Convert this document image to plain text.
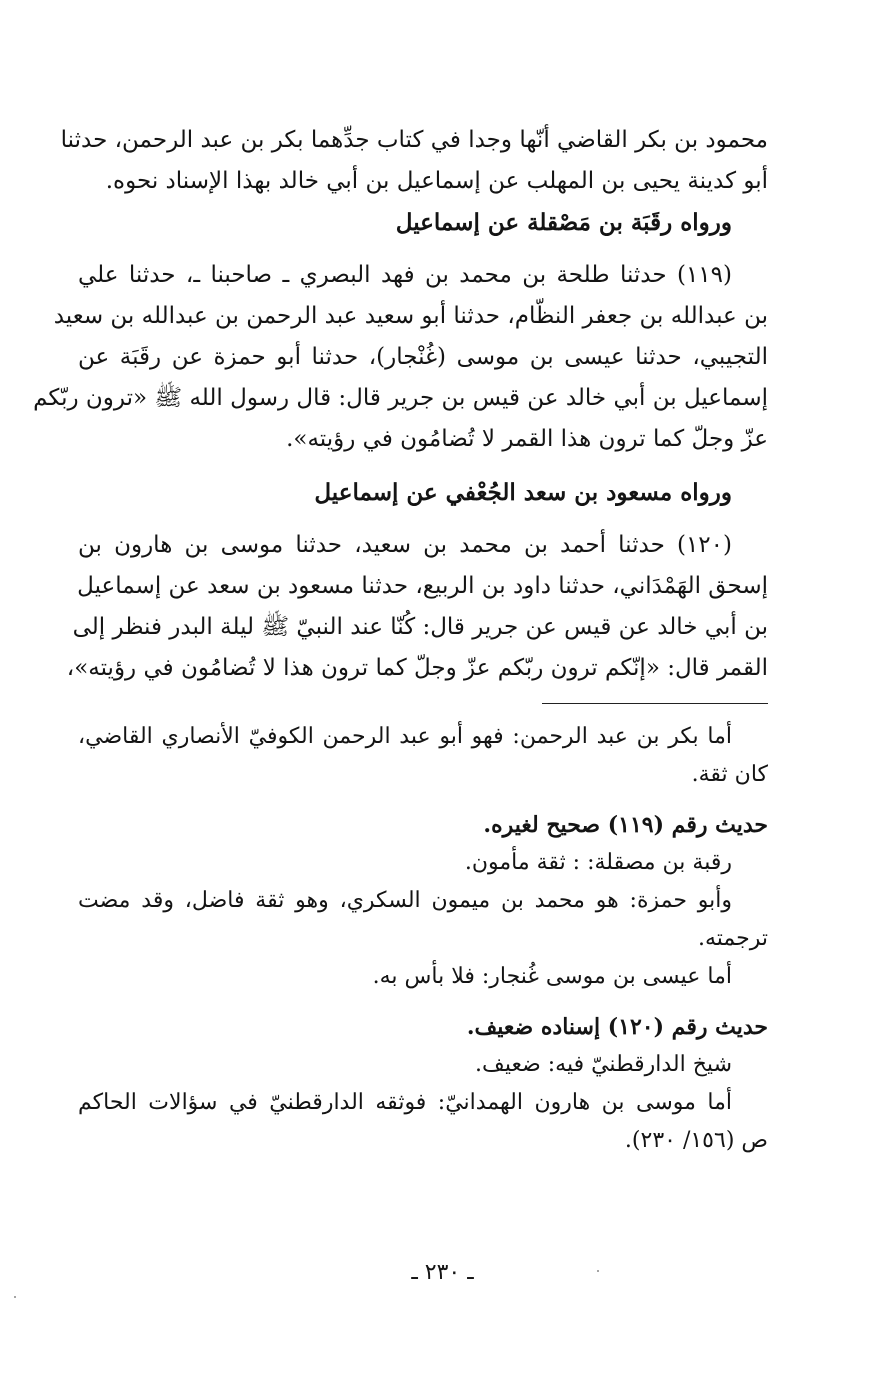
محمود بن بكر القاضي أنّها وجدا في كتاب جدِّهما بكر بن عبد الرحمن، حدثنا
أبو كدينة يحيى بن المهلب عن إسماعيل بن أبي خالد بهذا الإسناد نحوه.
ورواه رقَبَة بن مَصْقلة عن إسماعيل
(١١٩) حدثنا طلحة بن محمد بن فهد البصري ـ صاحبنا ـ، حدثنا علي
بن عبدالله بن جعفر النظّام، حدثنا أبو سعيد عبد الرحمن بن عبدالله بن سعيد
التجيبي، حدثنا عيسى بن موسى (غُنْجار)، حدثنا أبو حمزة عن رقَبَة عن
إسماعيل بن أبي خالد عن قيس بن جرير قال: قال رسول الله ﷺ «ترون ربّكم
عزّ وجلّ كما ترون هذا القمر لا تُضامُون في رؤيته».
ورواه مسعود بن سعد الجُعْفي عن إسماعيل
(١٢٠) حدثنا أحمد بن محمد بن سعيد، حدثنا موسى بن هارون بن
إسحق الهَمْدَاني، حدثنا داود بن الربيع، حدثنا مسعود بن سعد عن إسماعيل
بن أبي خالد عن قيس عن جرير قال: كُنّا عند النبيّ ﷺ ليلة البدر فنظر إلى
القمر قال: «إنّكم ترون ربّكم عزّ وجلّ كما ترون هذا لا تُضامُون في رؤيته»،
أما بكر بن عبد الرحمن: فهو أبو عبد الرحمن الكوفيّ الأنصاري القاضي،
كان ثقة.
حديث رقم (١١٩) صحيح لغيره.
رقبة بن مصقلة: : ثقة مأمون.
وأبو حمزة: هو محمد بن ميمون السكري، وهو ثقة فاضل، وقد مضت
ترجمته.
أما عيسى بن موسى غُنجار: فلا بأس به.
حديث رقم (١٢٠) إسناده ضعيف.
شيخ الدارقطنيّ فيه: ضعيف.
أما موسى بن هارون الهمدانيّ: فوثقه الدارقطنيّ في سؤالات الحاكم
ص (١٥٦/ ٢٣٠).
ـ ٢٣٠ ـ
